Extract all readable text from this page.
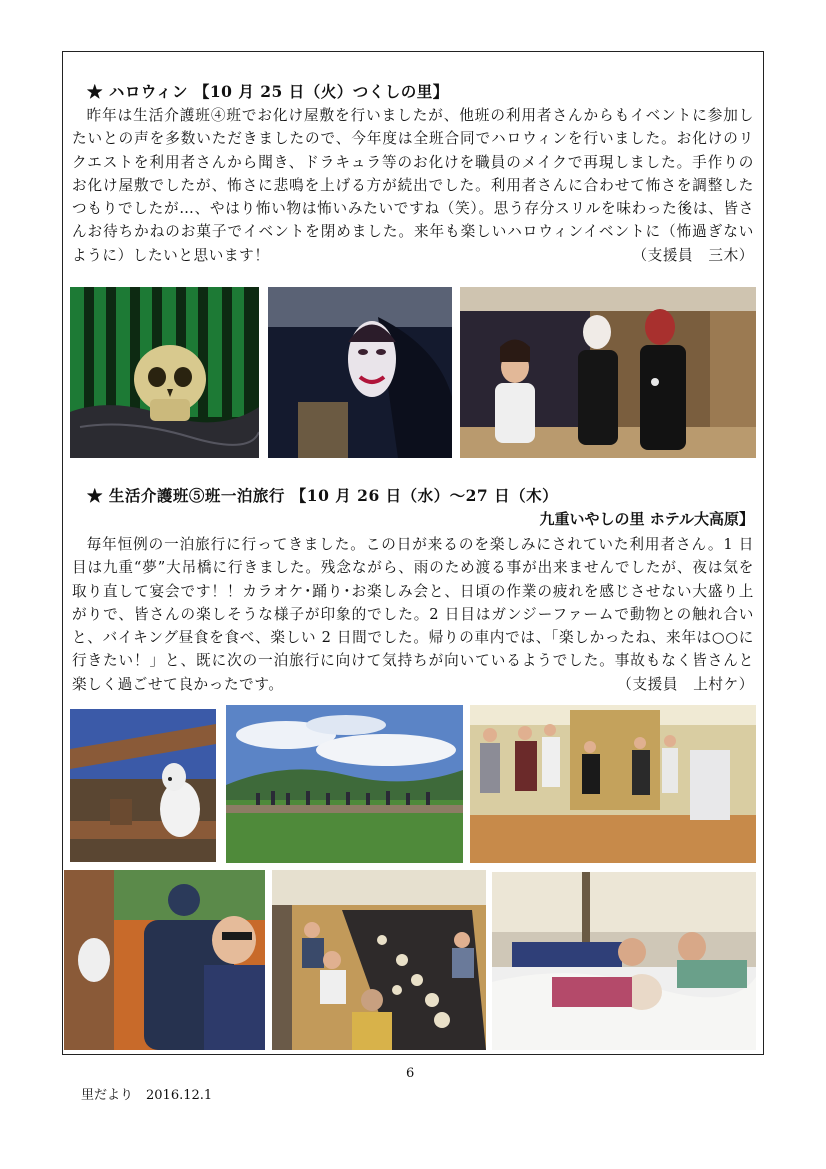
★ ハロウィン 【10 月 25 日（火）つくしの里】

昨年は生活介護班④班でお化け屋敷を行いましたが、他班の利用者さんからもイベントに参加したいとの声を多数いただきましたので、今年度は全班合同でハロウィンを行いました。お化けのリクエストを利用者さんから聞き、ドラキュラ等のお化けを職員のメイクで再現しました。手作りのお化け屋敷でしたが、怖さに悲鳴を上げる方が続出でした。利用者さんに合わせて怖さを調整したつもりでしたが…、やはり怖い物は怖いみたいですね（笑）。思う存分スリルを味わった後は、皆さんお待ちかねのお菓子でイベントを閉めました。来年も楽しいハロウィンイベントに（怖過ぎないように）したいと思います！	（支援員　三木）

★ 生活介護班⑤班一泊旅行 【10 月 26 日（水）～27 日（木）
九重いやしの里 ホテル大高原】

毎年恒例の一泊旅行に行ってきました。この日が来るのを楽しみにされていた利用者さん。1 日目は九重“夢”大吊橋に行きました。残念ながら、雨のため渡る事が出来ませんでしたが、夜は気を取り直して宴会です！！カラオケ･踊り･お楽しみ会と、日頃の作業の疲れを感じさせない大盛り上がりで、皆さんの楽しそうな様子が印象的でした。2 日目はガンジーファームで動物との触れ合いと、バイキング昼食を食べ、楽しい 2 日間でした。帰りの車内では、「楽しかったね、来年は○○に行きたい！」と、既に次の一泊旅行に向けて気持ちが向いているようでした。事故もなく皆さんと楽しく過ごせて良かったです。	（支援員　上村ケ）

6
里だより　2016.12.1
